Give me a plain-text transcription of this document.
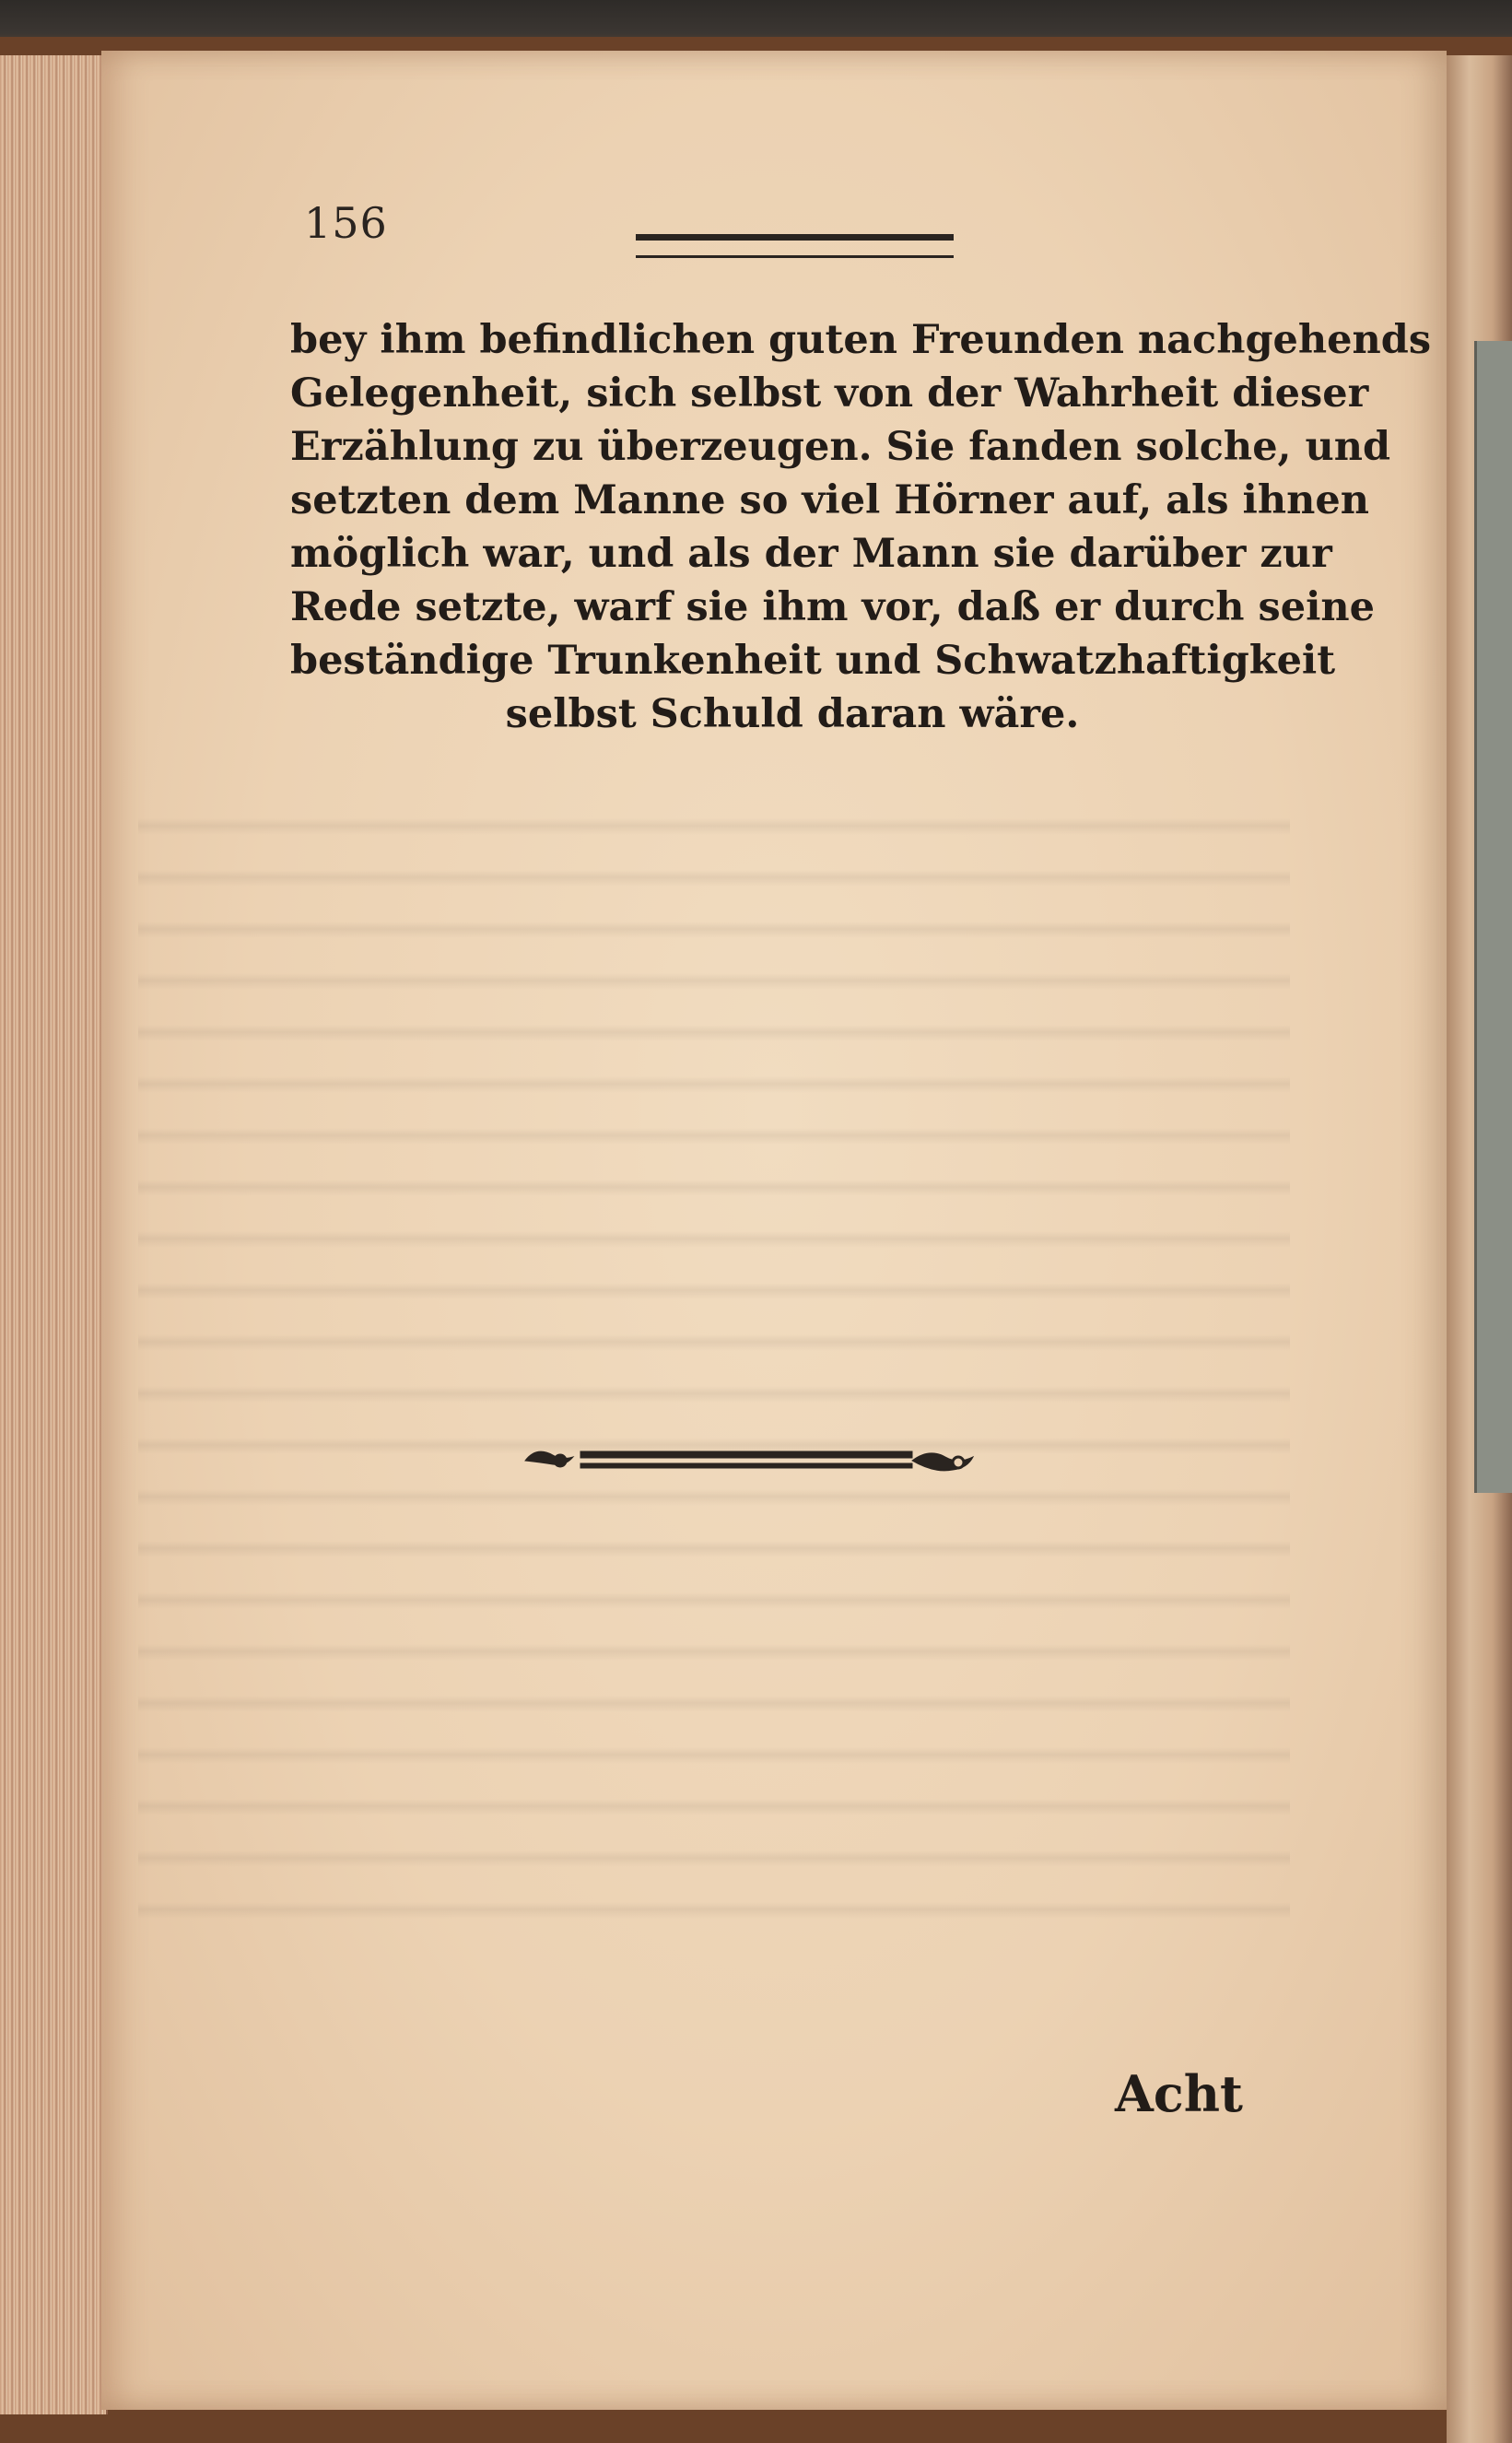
156
bey ihm befindlichen guten Freunden nachgehends
Gelegenheit, sich selbst von der Wahrheit dieser
Erzählung zu überzeugen. Sie fanden solche, und
setzten dem Manne so viel Hörner auf, als ihnen
möglich war, und als der Mann sie darüber zur
Rede setzte, warf sie ihm vor, daß er durch seine
beständige Trunkenheit und Schwatzhaftigkeit
selbst Schuld daran wäre.
Acht
